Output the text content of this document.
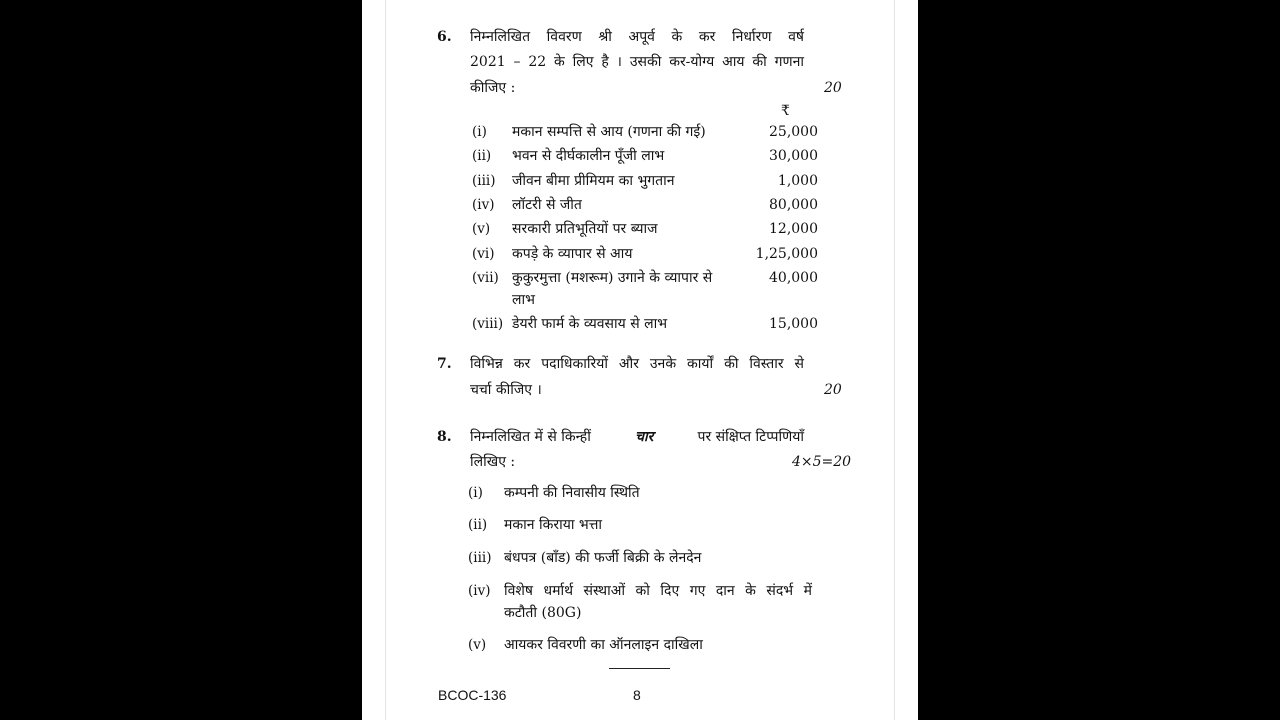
6. निम्नलिखित विवरण श्री अपूर्व के कर निर्धारण वर्ष
2021 – 22 के लिए है । उसकी कर-योग्य आय की गणना
कीजिए :	20
₹
(i) मकान सम्पत्ति से आय (गणना की गई)	25,000
(ii) भवन से दीर्घकालीन पूँजी लाभ	30,000
(iii) जीवन बीमा प्रीमियम का भुगतान	1,000
(iv) लॉटरी से जीत	80,000
(v) सरकारी प्रतिभूतियों पर ब्याज	12,000
(vi) कपड़े के व्यापार से आय	1,25,000
(vii) कुकुरमुत्ता (मशरूम) उगाने के व्यापार से
लाभ
40,000
(viii) डेयरी फार्म के व्यवसाय से लाभ	15,000
7. विभिन्न कर पदाधिकारियों और उनके कार्यों की विस्तार से
चर्चा कीजिए ।	20
8. निम्नलिखित में से किन्हीं	चार	पर संक्षिप्त टिप्पणियाँ
लिखिए :	4×5=20
(i) कम्पनी की निवासीय स्थिति
(ii) मकान किराया भत्ता
(iii) बंधपत्र (बाँड) की फर्जी बिक्री के लेनदेन
(iv) विशेष धर्मार्थ संस्थाओं को दिए गए दान के संदर्भ में
कटौती (80G)
(v) आयकर विवरणी का ऑनलाइन दाखिला
BCOC-136	8
